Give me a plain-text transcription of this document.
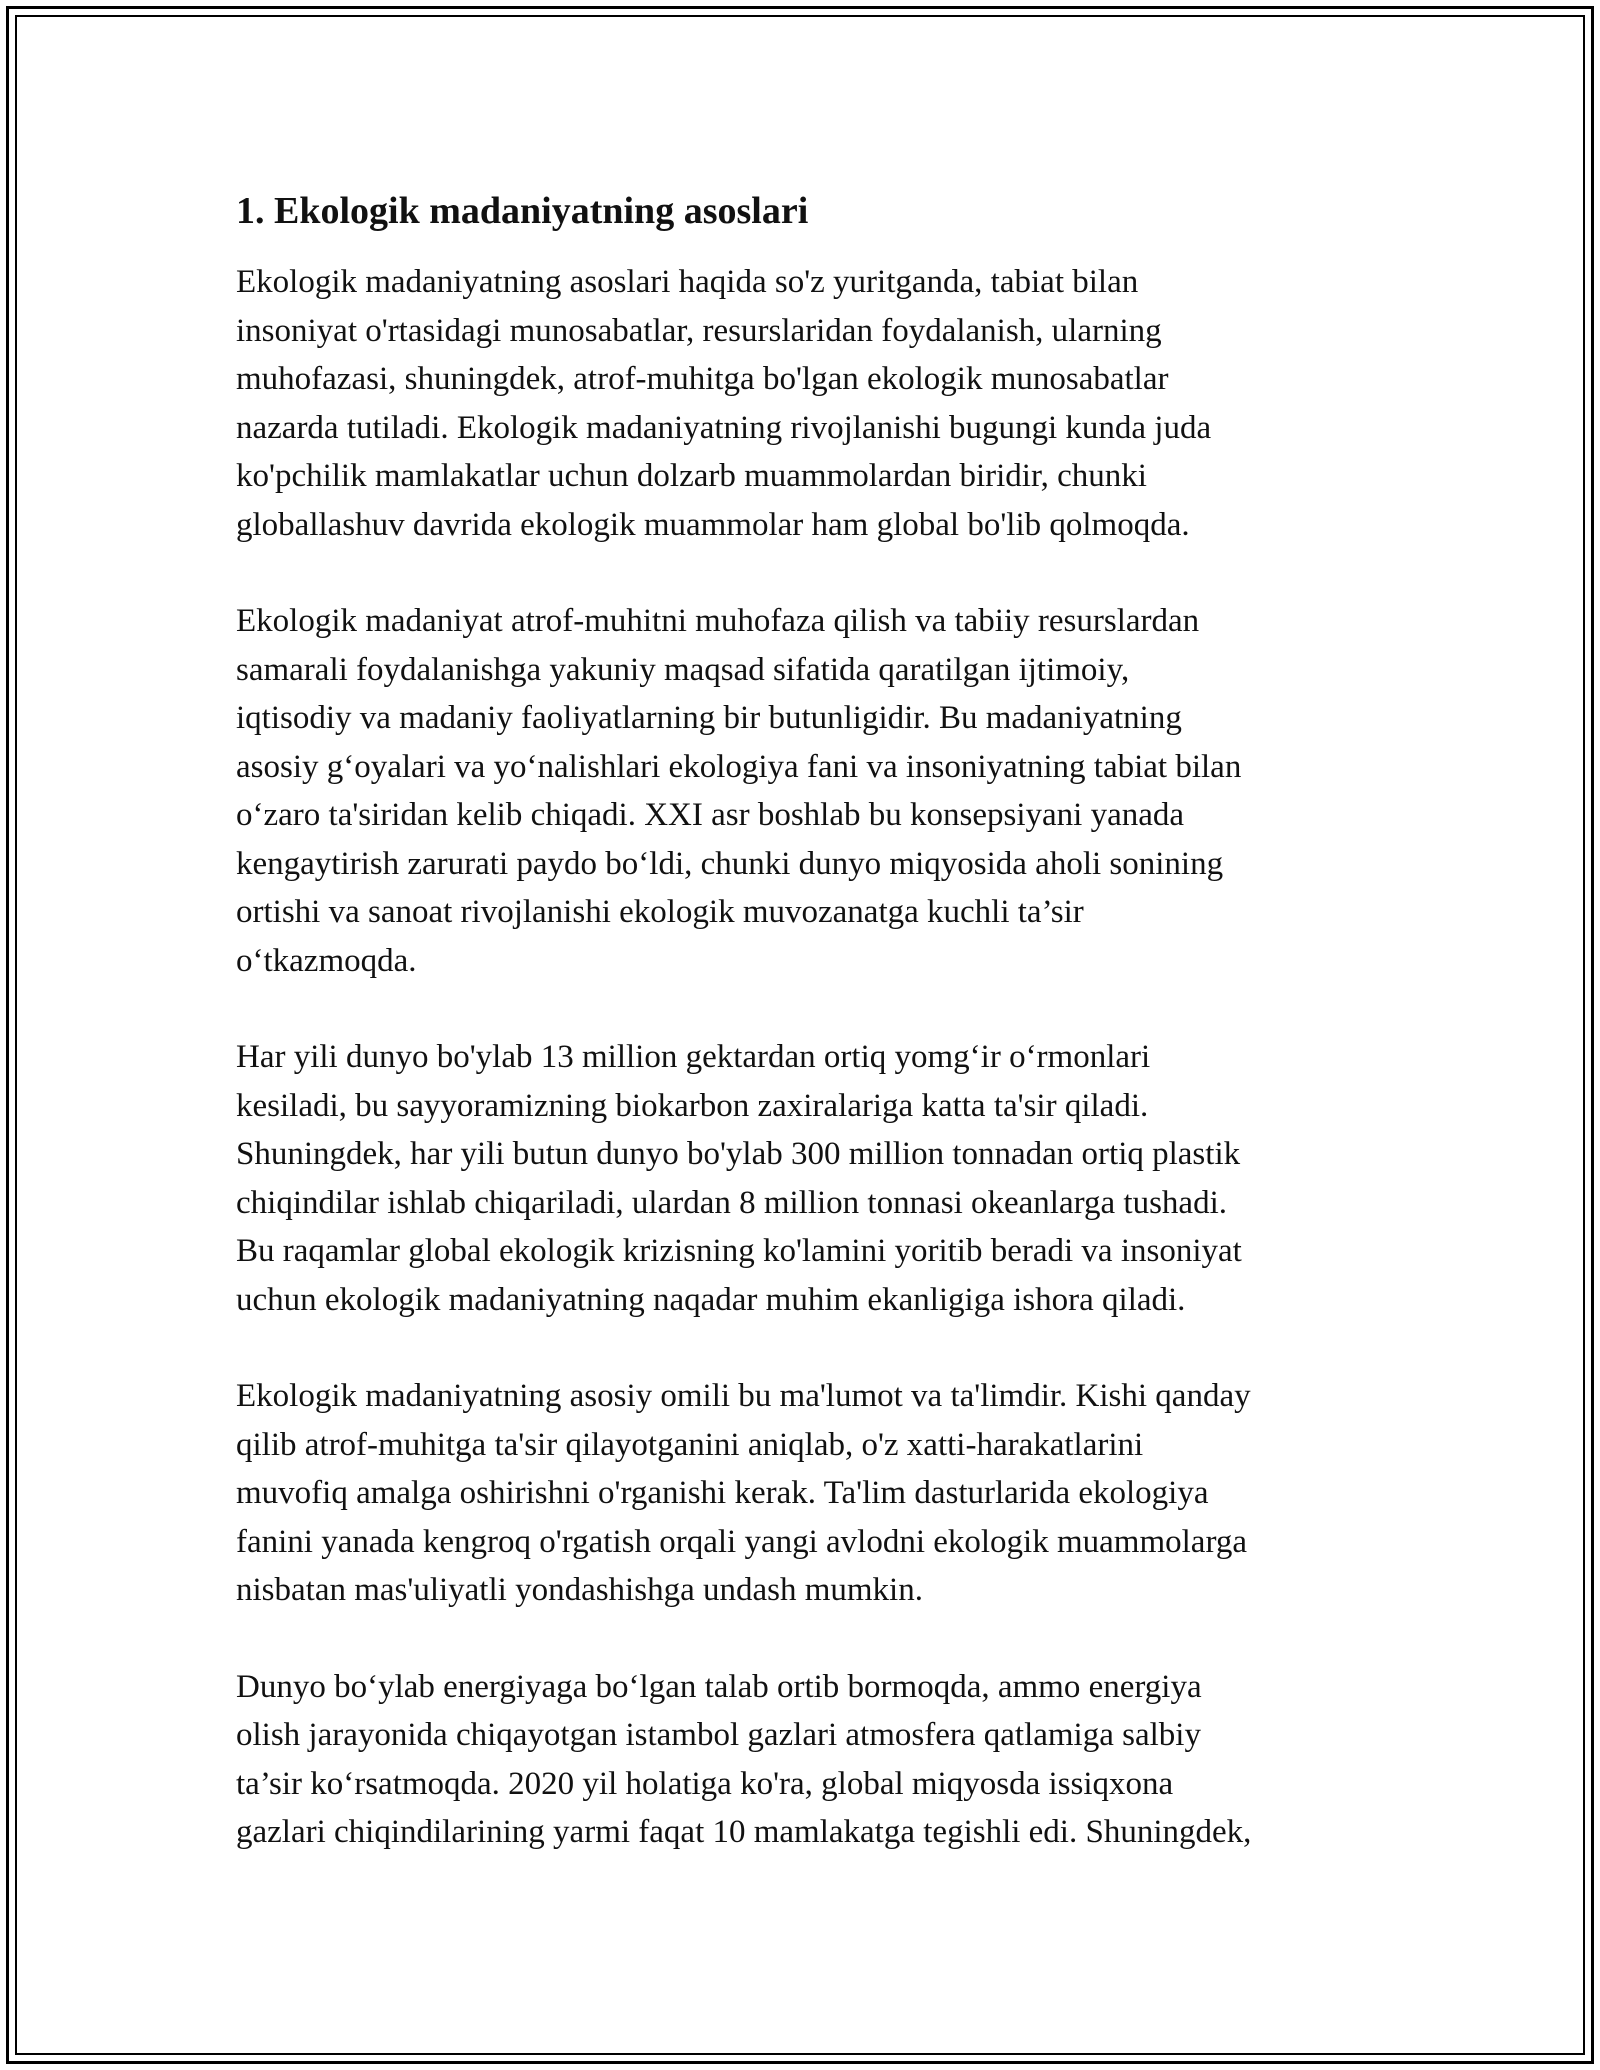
1. Ekologik madaniyatning asoslari

Ekologik madaniyatning asoslari haqida so'z yuritganda, tabiat bilan
insoniyat o'rtasidagi munosabatlar, resurslaridan foydalanish, ularning
muhofazasi, shuningdek, atrof-muhitga bo'lgan ekologik munosabatlar
nazarda tutiladi. Ekologik madaniyatning rivojlanishi bugungi kunda juda
ko'pchilik mamlakatlar uchun dolzarb muammolardan biridir, chunki
globallashuv davrida ekologik muammolar ham global bo'lib qolmoqda.

Ekologik madaniyat atrof-muhitni muhofaza qilish va tabiiy resurslardan
samarali foydalanishga yakuniy maqsad sifatida qaratilgan ijtimoiy,
iqtisodiy va madaniy faoliyatlarning bir butunligidir. Bu madaniyatning
asosiy g‘oyalari va yo‘nalishlari ekologiya fani va insoniyatning tabiat bilan
o‘zaro ta'siridan kelib chiqadi. XXI asr boshlab bu konsepsiyani yanada
kengaytirish zarurati paydo bo‘ldi, chunki dunyo miqyosida aholi sonining
ortishi va sanoat rivojlanishi ekologik muvozanatga kuchli ta’sir
o‘tkazmoqda.

Har yili dunyo bo'ylab 13 million gektardan ortiq yomg‘ir o‘rmonlari
kesiladi, bu sayyoramizning biokarbon zaxiralariga katta ta'sir qiladi.
Shuningdek, har yili butun dunyo bo'ylab 300 million tonnadan ortiq plastik
chiqindilar ishlab chiqariladi, ulardan 8 million tonnasi okeanlarga tushadi.
Bu raqamlar global ekologik krizisning ko'lamini yoritib beradi va insoniyat
uchun ekologik madaniyatning naqadar muhim ekanligiga ishora qiladi.

Ekologik madaniyatning asosiy omili bu ma'lumot va ta'limdir. Kishi qanday
qilib atrof-muhitga ta'sir qilayotganini aniqlab, o'z xatti-harakatlarini
muvofiq amalga oshirishni o'rganishi kerak. Ta'lim dasturlarida ekologiya
fanini yanada kengroq o'rgatish orqali yangi avlodni ekologik muammolarga
nisbatan mas'uliyatli yondashishga undash mumkin.

Dunyo bo‘ylab energiyaga bo‘lgan talab ortib bormoqda, ammo energiya
olish jarayonida chiqayotgan istambol gazlari atmosfera qatlamiga salbiy
ta’sir ko‘rsatmoqda. 2020 yil holatiga ko'ra, global miqyosda issiqxona
gazlari chiqindilarining yarmi faqat 10 mamlakatga tegishli edi. Shuningdek,
